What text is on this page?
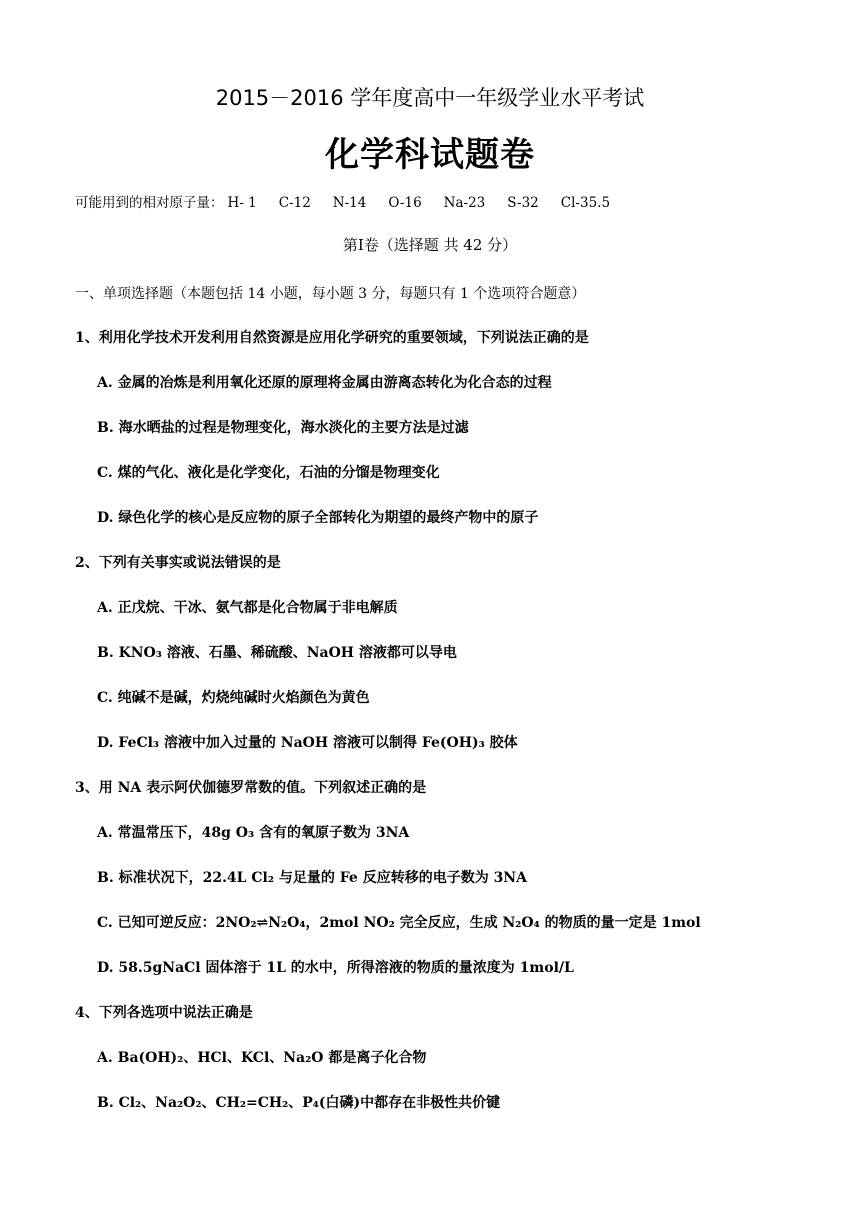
2015－2016 学年度高中一年级学业水平考试
化学科试题卷
可能用到的相对原子量： H- 1 C-12 N-14 O-16 Na-23 S-32 Cl-35.5
第Ⅰ卷（选择题 共 42 分）
一、单项选择题（本题包括 14 小题，每小题 3 分，每题只有 1 个选项符合题意）
1、利用化学技术开发利用自然资源是应用化学研究的重要领域，下列说法正确的是
A. 金属的冶炼是利用氧化还原的原理将金属由游离态转化为化合态的过程
B. 海水晒盐的过程是物理变化，海水淡化的主要方法是过滤
C. 煤的气化、液化是化学变化，石油的分馏是物理变化
D. 绿色化学的核心是反应物的原子全部转化为期望的最终产物中的原子
2、下列有关事实或说法错误的是
A. 正戊烷、干冰、氨气都是化合物属于非电解质
B. KNO₃ 溶液、石墨、稀硫酸、NaOH 溶液都可以导电
C. 纯碱不是碱，灼烧纯碱时火焰颜色为黄色
D. FeCl₃ 溶液中加入过量的 NaOH 溶液可以制得 Fe(OH)₃ 胶体
3、用 NA 表示阿伏伽德罗常数的值。下列叙述正确的是
A. 常温常压下，48g O₃ 含有的氧原子数为 3NA
B. 标准状况下，22.4L Cl₂ 与足量的 Fe 反应转移的电子数为 3NA
C. 已知可逆反应：2NO₂⇌N₂O₄，2mol NO₂ 完全反应，生成 N₂O₄ 的物质的量一定是 1mol
D. 58.5gNaCl 固体溶于 1L 的水中，所得溶液的物质的量浓度为 1mol/L
4、下列各选项中说法正确是
A. Ba(OH)₂、HCl、KCl、Na₂O 都是离子化合物
B. Cl₂、Na₂O₂、CH₂=CH₂、P₄(白磷)中都存在非极性共价键
